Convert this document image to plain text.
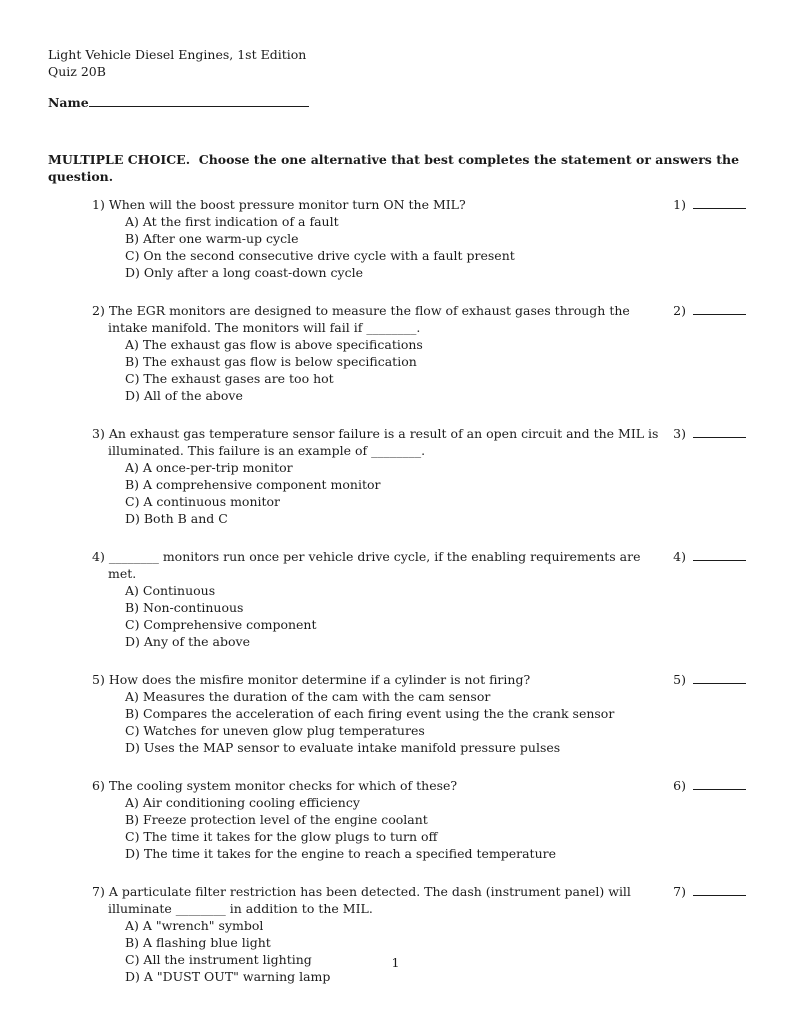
Light Vehicle Diesel Engines, 1st Edition
Quiz 20B
Name
MULTIPLE CHOICE.  Choose the one alternative that best completes the statement or answers the question.
1) When will the boost pressure monitor turn ON the MIL?
A) At the first indication of a fault
B) After one warm-up cycle
C) On the second consecutive drive cycle with a fault present
D) Only after a long coast-down cycle
1)
2) The EGR monitors are designed to measure the flow of exhaust gases through the intake manifold. The monitors will fail if ________.
A) The exhaust gas flow is above specifications
B) The exhaust gas flow is below specification
C) The exhaust gases are too hot
D) All of the above
2)
3) An exhaust gas temperature sensor failure is a result of an open circuit and the MIL is illuminated. This failure is an example of ________.
A) A once-per-trip monitor
B) A comprehensive component monitor
C) A continuous monitor
D) Both B and C
3)
4) ________ monitors run once per vehicle drive cycle, if the enabling requirements are met.
A) Continuous
B) Non-continuous
C) Comprehensive component
D) Any of the above
4)
5) How does the misfire monitor determine if a cylinder is not firing?
A) Measures the duration of the cam with the cam sensor
B) Compares the acceleration of each firing event using the the crank sensor
C) Watches for uneven glow plug temperatures
D) Uses the MAP sensor to evaluate intake manifold pressure pulses
5)
6) The cooling system monitor checks for which of these?
A) Air conditioning cooling efficiency
B) Freeze protection level of the engine coolant
C) The time it takes for the glow plugs to turn off
D) The time it takes for the engine to reach a specified temperature
6)
7) A particulate filter restriction has been detected. The dash (instrument panel) will illuminate ________ in addition to the MIL.
A) A "wrench" symbol
B) A flashing blue light
C) All the instrument lighting
D) A "DUST OUT" warning lamp
7)
1
